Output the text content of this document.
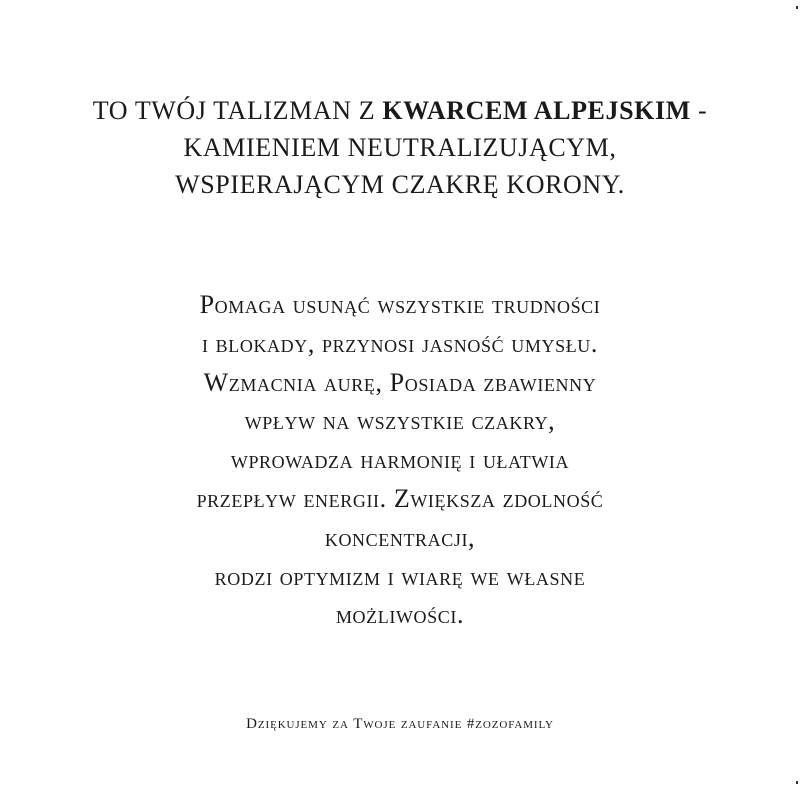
TO TWÓJ TALIZMAN Z KWARCEM ALPEJSKIM -
KAMIENIEM NEUTRALIZUJĄCYM,
WSPIERAJĄCYM CZAKRĘ KORONY.
Pomaga usunąć wszystkie trudności
i blokady, przynosi jasność umysłu.
Wzmacnia aurę, Posiada zbawienny
wpływ na wszystkie czakry,
wprowadza harmonię i ułatwia
przepływ energii. Zwiększa zdolność
koncentracji,
rodzi optymizm i wiarę we własne
możliwości.
Dziękujemy za Twoje zaufanie #zozofamily
